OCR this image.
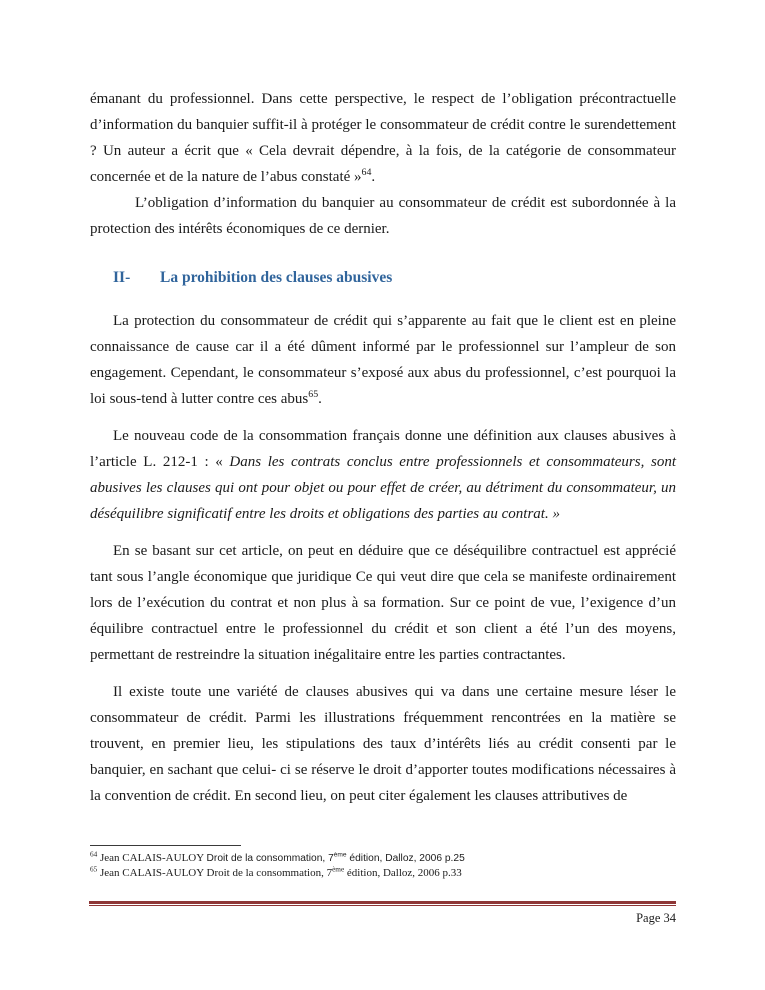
émanant du professionnel. Dans cette perspective, le respect de l’obligation précontractuelle d’information du banquier suffit-il à protéger le consommateur de crédit contre le surendettement ? Un auteur a écrit que « Cela devrait dépendre, à la fois, de la catégorie de consommateur concernée et de la nature de l’abus constaté »$^{64}$.

L’obligation d’information du banquier au consommateur de crédit est subordonnée à la protection des intérêts économiques de ce dernier.

II- La prohibition des clauses abusives

La protection du consommateur de crédit qui s’apparente au fait que le client est en pleine connaissance de cause car il a été dûment informé par le professionnel sur l’ampleur de son engagement. Cependant, le consommateur s’exposé aux abus du professionnel, c’est pourquoi la loi sous-tend à lutter contre ces abus$^{65}$.

Le nouveau code de la consommation français donne une définition aux clauses abusives à l’article L. 212-1 : « Dans les contrats conclus entre professionnels et consommateurs, sont abusives les clauses qui ont pour objet ou pour effet de créer, au détriment du consommateur, un déséquilibre significatif entre les droits et obligations des parties au contrat. »

En se basant sur cet article, on peut en déduire que ce déséquilibre contractuel est apprécié tant sous l’angle économique que juridique Ce qui veut dire que cela se manifeste ordinairement lors de l’exécution du contrat et non plus à sa formation. Sur ce point de vue, l’exigence d’un équilibre contractuel entre le professionnel du crédit et son client a été l’un des moyens, permettant de restreindre la situation inégalitaire entre les parties contractantes.

Il existe toute une variété de clauses abusives qui va dans une certaine mesure léser le consommateur de crédit. Parmi les illustrations fréquemment rencontrées en la matière se trouvent, en premier lieu, les stipulations des taux d’intérêts liés au crédit consenti par le banquier, en sachant que celui- ci se réserve le droit d’apporter toutes modifications nécessaires à la convention de crédit. En second lieu, on peut citer également les clauses attributives de

$^{64}$ Jean CALAIS-AULOY Droit de la consommation, 7ème édition, Dalloz, 2006 p.25

$^{65}$ Jean CALAIS-AULOY Droit de la consommation, 7ème édition, Dalloz, 2006 p.33

Page 34
